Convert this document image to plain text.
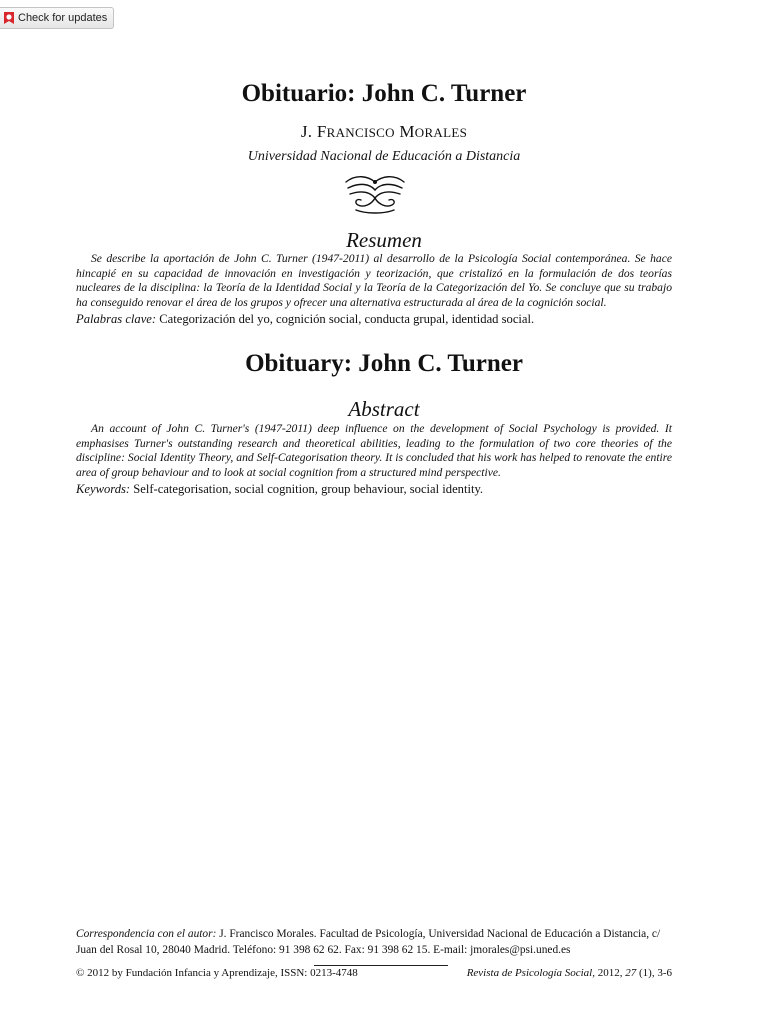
Check for updates
Obituario: John C. Turner
J. FRANCISCO MORALES
Universidad Nacional de Educación a Distancia
Resumen

Se describe la aportación de John C. Turner (1947-2011) al desarrollo de la Psicología Social contemporánea. Se hace hincapié en su capacidad de innovación en investigación y teorización, que cristalizó en la formulación de dos teorías nucleares de la disciplina: la Teoría de la Identidad Social y la Teoría de la Categorización del Yo. Se concluye que su trabajo ha conseguido renovar el área de los grupos y ofrecer una alternativa estructurada al área de la cognición social.

Palabras clave: Categorización del yo, cognición social, conducta grupal, identidad social.

Obituary: John C. Turner
Abstract

An account of John C. Turner's (1947-2011) deep influence on the development of Social Psychology is provided. It emphasises Turner's outstanding research and theoretical abilities, leading to the formulation of two core theories of the discipline: Social Identity Theory, and Self-Categorisation theory. It is concluded that his work has helped to renovate the entire area of group behaviour and to look at social cognition from a structured mind perspective.

Keywords: Self-categorisation, social cognition, group behaviour, social identity.

Correspondencia con el autor: J. Francisco Morales. Facultad de Psicología, Universidad Nacional de Educación a Distancia, c/ Juan del Rosal 10, 28040 Madrid. Teléfono: 91 398 62 62. Fax: 91 398 62 15. E-mail: jmorales@psi.uned.es

© 2012 by Fundación Infancia y Aprendizaje, ISSN: 0213-4748	Revista de Psicología Social, 2012, 27 (1), 3-6
